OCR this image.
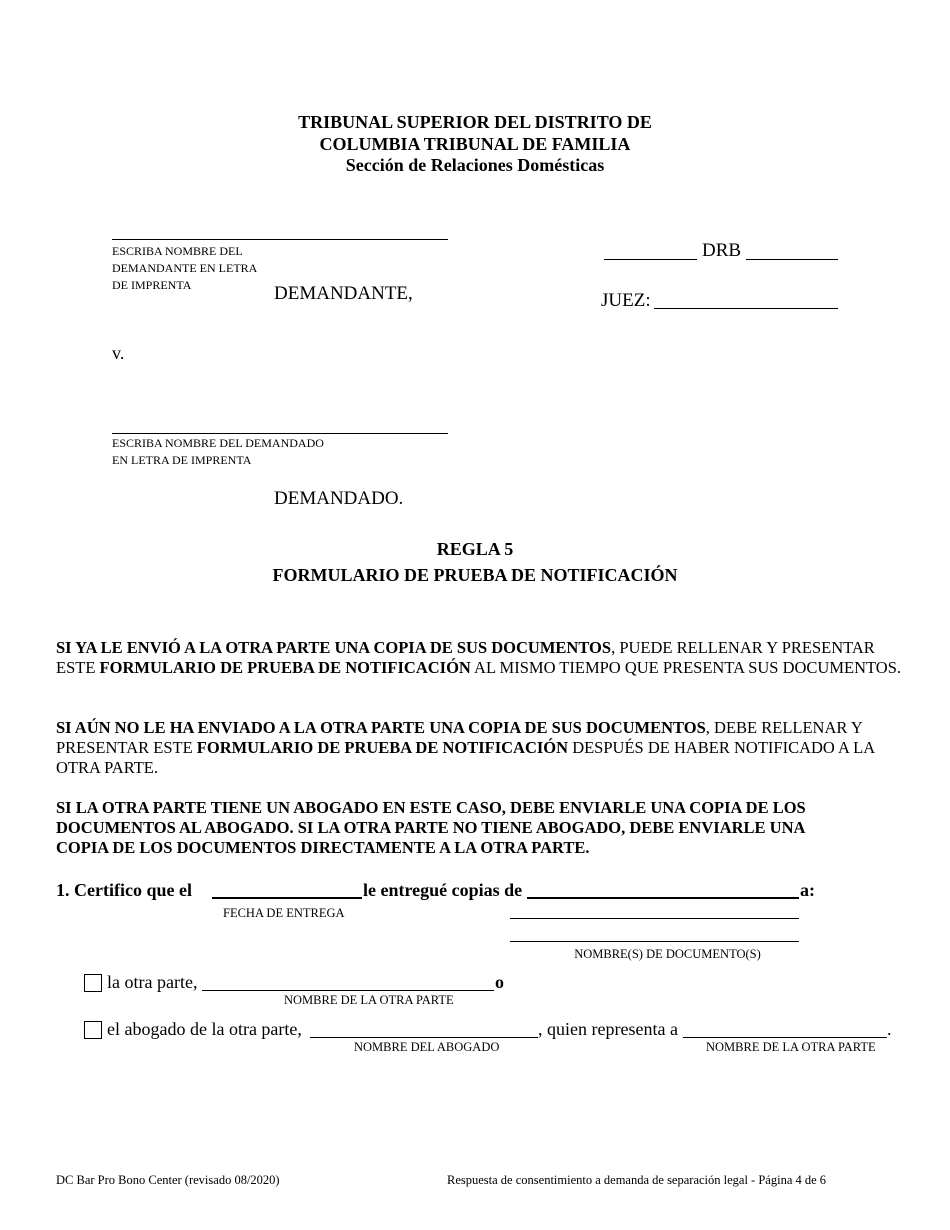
TRIBUNAL SUPERIOR DEL DISTRITO DE
COLUMBIA TRIBUNAL DE FAMILIA
Sección de Relaciones Domésticas
ESCRIBA NOMBRE DEL DEMANDANTE EN LETRA DE IMPRENTA	DEMANDANTE,
DRB
JUEZ:
v.
ESCRIBA NOMBRE DEL DEMANDADO
EN LETRA DE IMPRENTA
DEMANDADO.
REGLA 5
FORMULARIO DE PRUEBA DE NOTIFICACIÓN
SI YA LE ENVIÓ A LA OTRA PARTE UNA COPIA DE SUS DOCUMENTOS, PUEDE RELLENAR Y PRESENTAR ESTE FORMULARIO DE PRUEBA DE NOTIFICACIÓN AL MISMO TIEMPO QUE PRESENTA SUS DOCUMENTOS.
SI AÚN NO LE HA ENVIADO A LA OTRA PARTE UNA COPIA DE SUS DOCUMENTOS, DEBE RELLENAR Y PRESENTAR ESTE FORMULARIO DE PRUEBA DE NOTIFICACIÓN DESPUÉS DE HABER NOTIFICADO A LA OTRA PARTE.
SI LA OTRA PARTE TIENE UN ABOGADO EN ESTE CASO, DEBE ENVIARLE UNA COPIA DE LOS DOCUMENTOS AL ABOGADO. SI LA OTRA PARTE NO TIENE ABOGADO, DEBE ENVIARLE UNA COPIA DE LOS DOCUMENTOS DIRECTAMENTE A LA OTRA PARTE.
1. Certifico que el	le entregué copias de	a:
FECHA DE ENTREGA
NOMBRE(S) DE DOCUMENTO(S)
la otra parte,	o
NOMBRE DE LA OTRA PARTE
el abogado de la otra parte,	, quien representa a	.
NOMBRE DEL ABOGADO	NOMBRE DE LA OTRA PARTE
DC Bar Pro Bono Center (revisado 08/2020)	Respuesta de consentimiento a demanda de separación legal - Página 4 de 6
